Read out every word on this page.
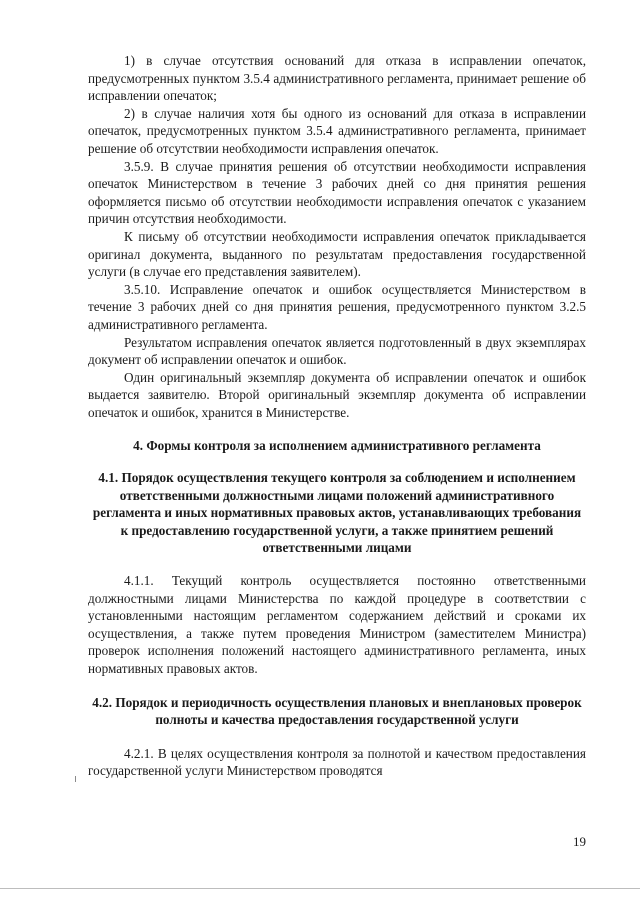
1) в случае отсутствия оснований для отказа в исправлении опечаток, предусмотренных пунктом 3.5.4 административного регламента, принимает решение об исправлении опечаток;

2) в случае наличия хотя бы одного из оснований для отказа в исправлении опечаток, предусмотренных пунктом 3.5.4 административного регламента, принимает решение об отсутствии необходимости исправления опечаток.

3.5.9. В случае принятия решения об отсутствии необходимости исправления опечаток Министерством в течение 3 рабочих дней со дня принятия решения оформляется письмо об отсутствии необходимости исправления опечаток с указанием причин отсутствия необходимости.

К письму об отсутствии необходимости исправления опечаток прикладывается оригинал документа, выданного по результатам предоставления государственной услуги (в случае его представления заявителем).

3.5.10. Исправление опечаток и ошибок осуществляется Министерством в течение 3 рабочих дней со дня принятия решения, предусмотренного пунктом 3.2.5 административного регламента.

Результатом исправления опечаток является подготовленный в двух экземплярах документ об исправлении опечаток и ошибок.

Один оригинальный экземпляр документа об исправлении опечаток и ошибок выдается заявителю. Второй оригинальный экземпляр документа об исправлении опечаток и ошибок, хранится в Министерстве.

4. Формы контроля за исполнением административного регламента

4.1. Порядок осуществления текущего контроля за соблюдением и исполнением ответственными должностными лицами положений административного регламента и иных нормативных правовых актов, устанавливающих требования к предоставлению государственной услуги, а также принятием решений ответственными лицами

4.1.1. Текущий контроль осуществляется постоянно ответственными должностными лицами Министерства по каждой процедуре в соответствии с установленными настоящим регламентом содержанием действий и сроками их осуществления, а также путем проведения Министром (заместителем Министра) проверок исполнения положений настоящего административного регламента, иных нормативных правовых актов.

4.2. Порядок и периодичность осуществления плановых и внеплановых проверок полноты и качества предоставления государственной услуги

4.2.1. В целях осуществления контроля за полнотой и качеством предоставления государственной услуги Министерством проводятся

19
